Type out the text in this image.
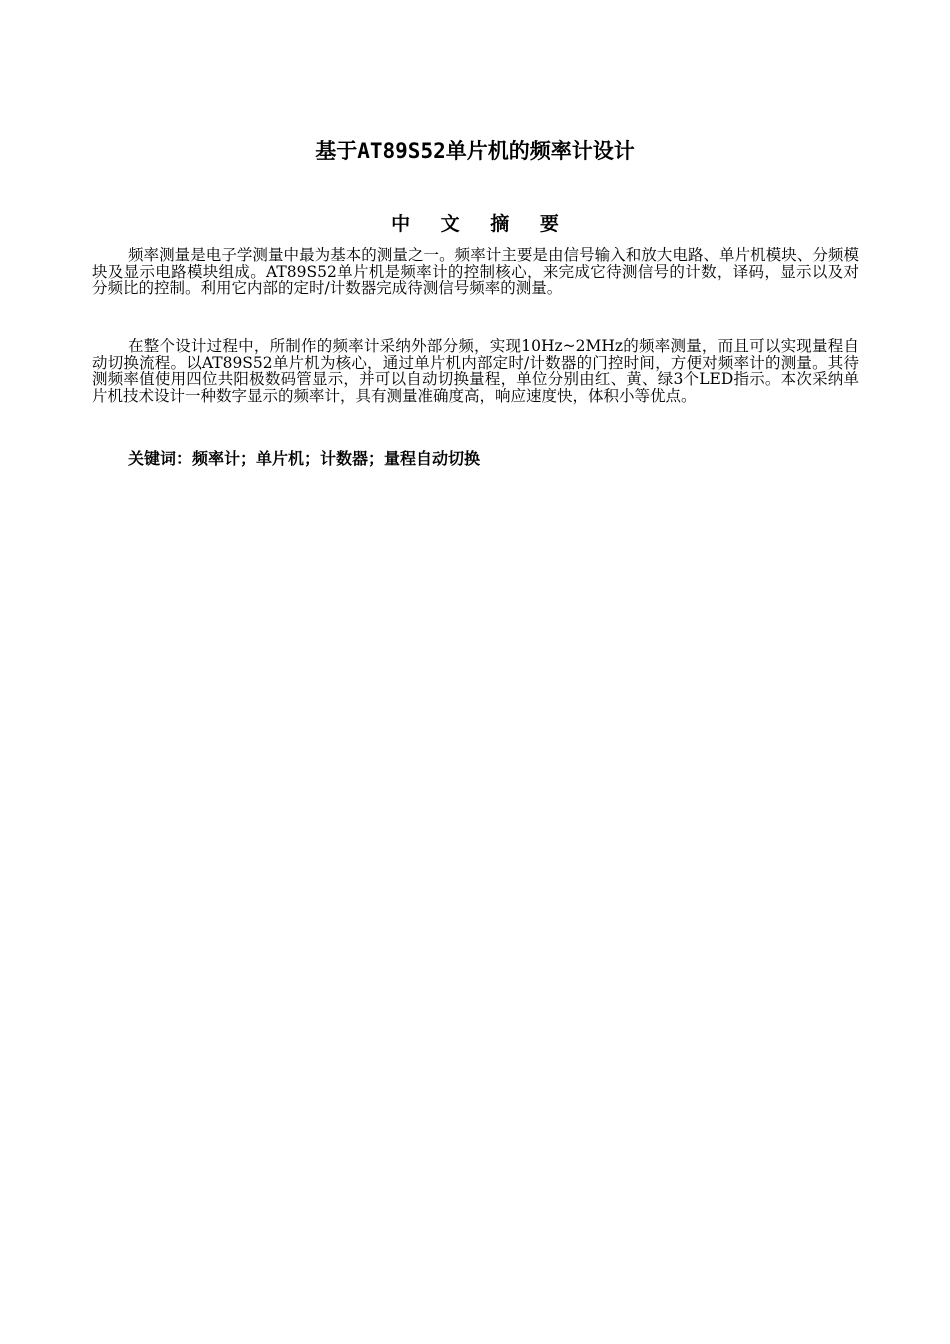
基于AT89S52单片机的频率计设计
中 文 摘 要

频率测量是电子学测量中最为基本的测量之一。频率计主要是由信号输入和放大电路、单片机模块、分频模块及显示电路模块组成。AT89S52单片机是频率计的控制核心，来完成它待测信号的计数，译码，显示以及对分频比的控制。利用它内部的定时/计数器完成待测信号频率的测量。

在整个设计过程中，所制作的频率计采纳外部分频，实现10Hz~2MHz的频率测量，而且可以实现量程自动切换流程。以AT89S52单片机为核心，通过单片机内部定时/计数器的门控时间，方便对频率计的测量。其待测频率值使用四位共阳极数码管显示，并可以自动切换量程，单位分别由红、黄、绿3个LED指示。本次采纳单片机技术设计一种数字显示的频率计，具有测量准确度高，响应速度快，体积小等优点。

关键词：频率计；单片机；计数器；量程自动切换
